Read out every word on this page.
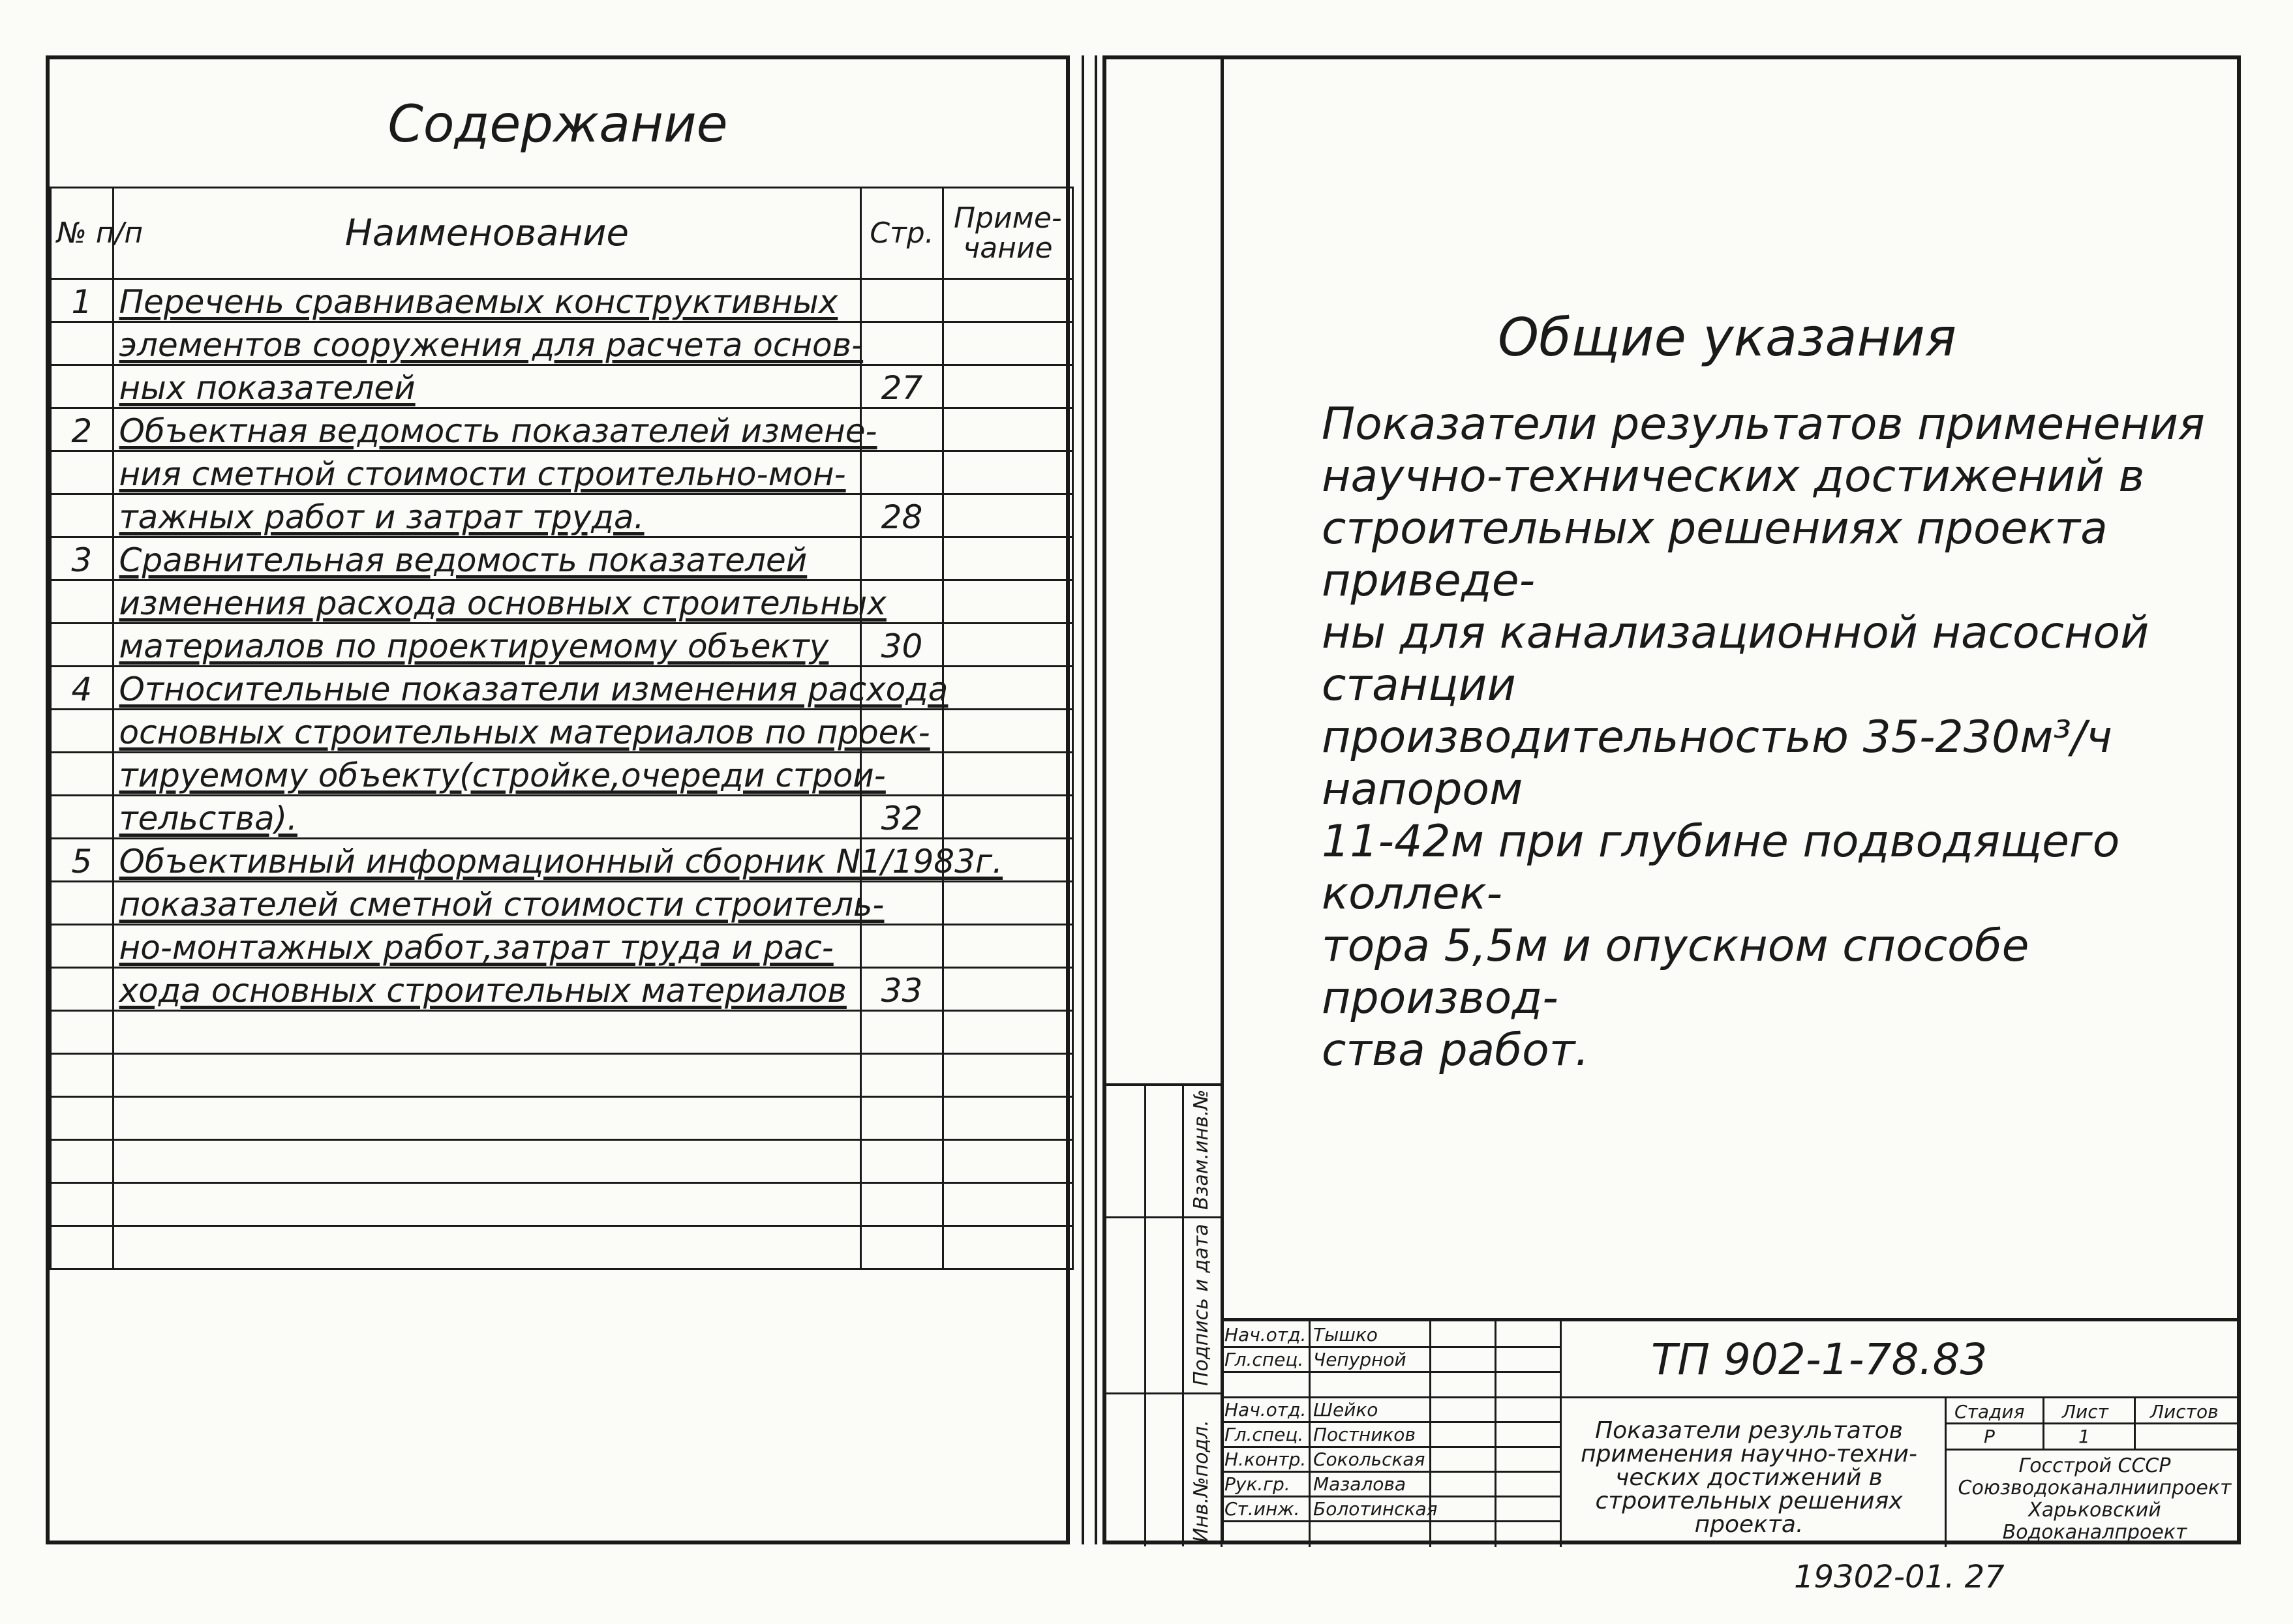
Содержание
№ п/п	Наименование	Стр.	Приме- чание
1	Перечень сравниваемых конструктивных		
	элементов сооружения для расчета основ-		
	ных показателей	27	
2	Объектная ведомость показателей измене-		
	ния сметной стоимости строительно-мон-		
	тажных работ и затрат труда.	28	
3	Сравнительная ведомость показателей		
	изменения расхода основных строительных		
	материалов по проектируемому объекту	30	
4	Относительные показатели изменения расхода		
	основных строительных материалов по проек-		
	тируемому объекту(стройке,очереди строи-		
	тельства).	32	
5	Объективный информационный сборник N1/1983г.		
	показателей сметной стоимости строитель-		
	но-монтажных работ,затрат труда и рас-		
	хода основных строительных материалов	33	

Взам.инв.№
Подпись и дата
Инв.№подл.
Общие указания
Показатели результатов применения
научно-технических достижений в
строительных решениях проекта приведе-
ны для канализационной насосной станции
производительностью 35-230м³/ч напором
11-42м при глубине подводящего коллек-
тора 5,5м и опускном способе производ-
ства работ.
Нач.отд. Тышко
Гл.спец. Чепурной
Нач.отд. Шейко
Гл.спец. Постников
Н.контр. Сокольская
Рук.гр. Мазалова
Ст.инж. Болотинская
ТП 902-1-78.83
Показатели результатов применения научно-техни- ческих достижений в строительных решениях проекта.
Стадия Лист Листов
Р	1
Госстрой СССР Союзводоканалниипроект Харьковский Водоканалпроект
19302-01. 27
